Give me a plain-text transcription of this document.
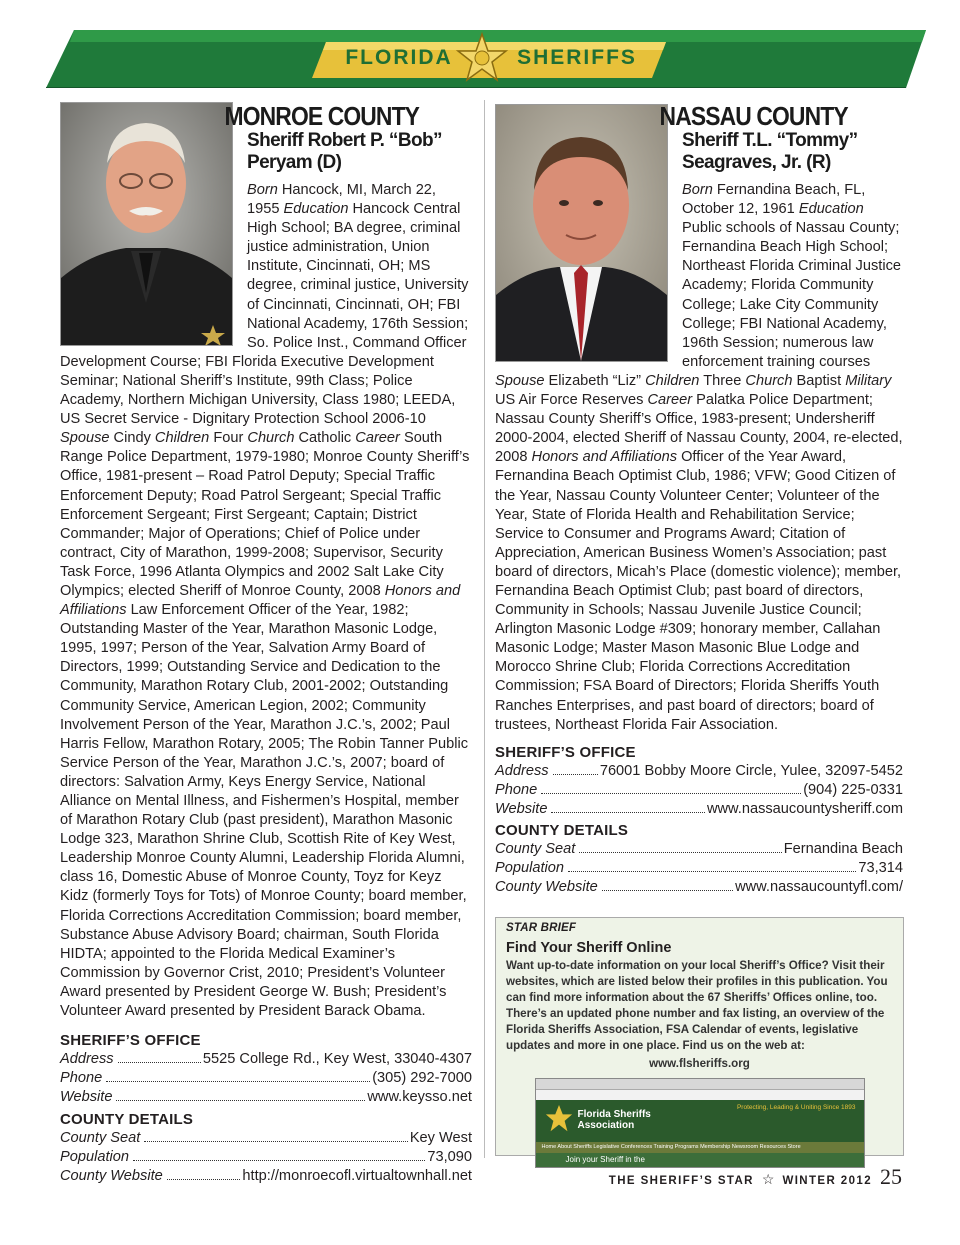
FLORIDA	SHERIFFS
MONROE COUNTY
Sheriff Robert P. “Bob”
Peryam (D)

Born Hancock, MI, March 22, 1955 Education Hancock Central High School; BA degree, criminal justice administration, Union Institute, Cincinnati, OH; MS degree, criminal justice, University of Cincinnati, Cincinnati, OH; FBI National Academy, 176th Session; So. Police Inst., Command Officer Development Course; FBI Florida Executive Development Seminar; National Sheriff’s Institute, 99th Class; Police Academy, Northern Michigan University, Class 1980; LEEDA, US Secret Service - Dignitary Protection School 2006-10 Spouse Cindy Children Four Church Catholic Career South Range Police Department, 1979-1980; Monroe County Sheriff’s Office, 1981-present – Road Patrol Deputy; Special Traffic Enforcement Deputy; Road Patrol Sergeant; Special Traffic Enforcement Sergeant; First Sergeant; Captain; District Commander; Major of Operations; Chief of Police under contract, City of Marathon, 1999-2008; Supervisor, Security Task Force, 1996 Atlanta Olympics and 2002 Salt Lake City Olympics; elected Sheriff of Monroe County, 2008 Honors and Affiliations Law Enforcement Officer of the Year, 1982; Outstanding Master of the Year, Marathon Masonic Lodge, 1995, 1997; Person of the Year, Salvation Army Board of Directors, 1999; Outstanding Service and Dedication to the Community, Marathon Rotary Club, 2001-2002; Outstanding Community Service, American Legion, 2002; Community Involvement Person of the Year, Marathon J.C.’s, 2002; Paul Harris Fellow, Marathon Rotary, 2005; The Robin Tanner Public Service Person of the Year, Marathon J.C.’s, 2007; board of directors: Salvation Army, Keys Energy Service, National Alliance on Mental Illness, and Fishermen’s Hospital, member of Marathon Rotary Club (past president), Marathon Masonic Lodge 323, Marathon Shrine Club, Scottish Rite of Key West, Leadership Monroe County Alumni, Leadership Florida Alumni, class 16, Domestic Abuse of Monroe County, Toyz for Keyz Kidz (formerly Toys for Tots) of Monroe County; board member, Florida Corrections Accreditation Commission; board member, Substance Abuse Advisory Board; chairman, South Florida HIDTA; appointed to the Florida Medical Examiner’s Commission by Governor Crist, 2010; President’s Volunteer Award presented by President George W. Bush; President’s Volunteer Award presented by President Barack Obama.

SHERIFF’S OFFICE
Address	5525 College Rd., Key West, 33040-4307
Phone	(305) 292-7000
Website	www.keysso.net
COUNTY DETAILS
County Seat	Key West
Population	73,090
County Website	http://monroecofl.virtualtownhall.net
NASSAU COUNTY
Sheriff T.L. “Tommy”
Seagraves, Jr. (R)

Born Fernandina Beach, FL, October 12, 1961 Education Public schools of Nassau County; Fernandina Beach High School; Northeast Florida Criminal Justice Academy; Florida Community College; Lake City Community College; FBI National Academy, 196th Session; numerous law enforcement training courses Spouse Elizabeth “Liz” Children Three Church Baptist Military US Air Force Reserves Career Palatka Police Department; Nassau County Sheriff’s Office, 1983-present; Undersheriff 2000-2004, elected Sheriff of Nassau County, 2004, re-elected, 2008 Honors and Affiliations Officer of the Year Award, Fernandina Beach Optimist Club, 1986; VFW; Good Citizen of the Year, Nassau County Volunteer Center; Volunteer of the Year, State of Florida Health and Rehabilitation Service; Service to Consumer and Programs Award; Citation of Appreciation, American Business Women’s Association; past board of directors, Micah’s Place (domestic violence); member, Fernandina Beach Optimist Club; past board of directors, Community in Schools; Nassau Juvenile Justice Council; Arlington Masonic Lodge #309; honorary member, Callahan Masonic Lodge; Master Mason Masonic Blue Lodge and Morocco Shrine Club; Florida Corrections Accreditation Commission; FSA Board of Directors; Florida Sheriffs Youth Ranches Enterprises, and past board of directors; board of trustees, Northeast Florida Fair Association.

SHERIFF’S OFFICE
Address	76001 Bobby Moore Circle, Yulee, 32097-5452
Phone	(904) 225-0331
Website	www.nassaucountysheriff.com
COUNTY DETAILS
County Seat	Fernandina Beach
Population	73,314
County Website	www.nassaucountyfl.com/
STAR BRIEF
Find Your Sheriff Online
Want up-to-date information on your local Sheriff’s Office? Visit their websites, which are listed below their profiles in this publication. You can find more information about the 67 Sheriffs’ Offices online, too. There’s an updated phone number and fax listing, an overview of the Florida Sheriffs Association, FSA Calendar of events, legislative updates and more in one place. Find us on the web at:
www.flsheriffs.org
Florida Sheriffs Association
Protecting, Leading & Uniting Since 1893
Home About Sheriffs Legislative Conferences Training Programs Membership Newsroom Resources Store
Join your Sheriff in the
THE SHERIFF’S STAR ☆ WINTER 2012 25
